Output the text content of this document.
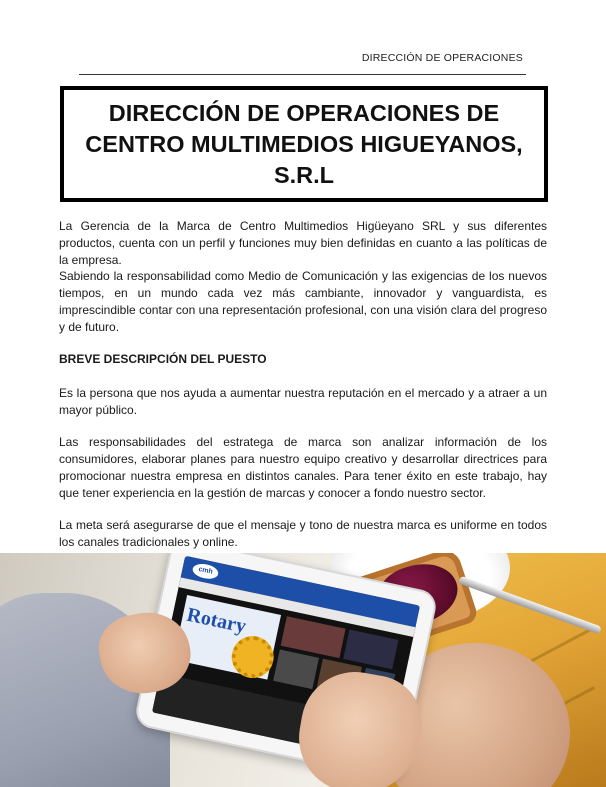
DIRECCIÓN DE OPERACIONES
DIRECCIÓN DE OPERACIONES DE
CENTRO MULTIMEDIOS HIGUEYANOS,
S.R.L

La Gerencia de la Marca de Centro Multimedios Higüeyano SRL y sus diferentes productos, cuenta con un perfil y funciones muy bien definidas en cuanto a las políticas de la empresa.

Sabiendo la responsabilidad como Medio de Comunicación y las exigencias de los nuevos tiempos, en un mundo cada vez más cambiante, innovador y vanguardista, es imprescindible contar con una representación profesional, con una visión clara del progreso y de futuro.

BREVE DESCRIPCIÓN DEL PUESTO

Es la persona que nos ayuda a aumentar nuestra reputación en el mercado y a atraer a un mayor público.

Las responsabilidades del estratega de marca son analizar información de los consumidores, elaborar planes para nuestro equipo creativo y desarrollar directrices para promocionar nuestra empresa en distintos canales. Para tener éxito en este trabajo, hay que tener experiencia en la gestión de marcas y conocer a fondo nuestro sector.

La meta será asegurarse de que el mensaje y tono de nuestra marca es uniforme en todos los canales tradicionales y online.

cmh
Rotary
